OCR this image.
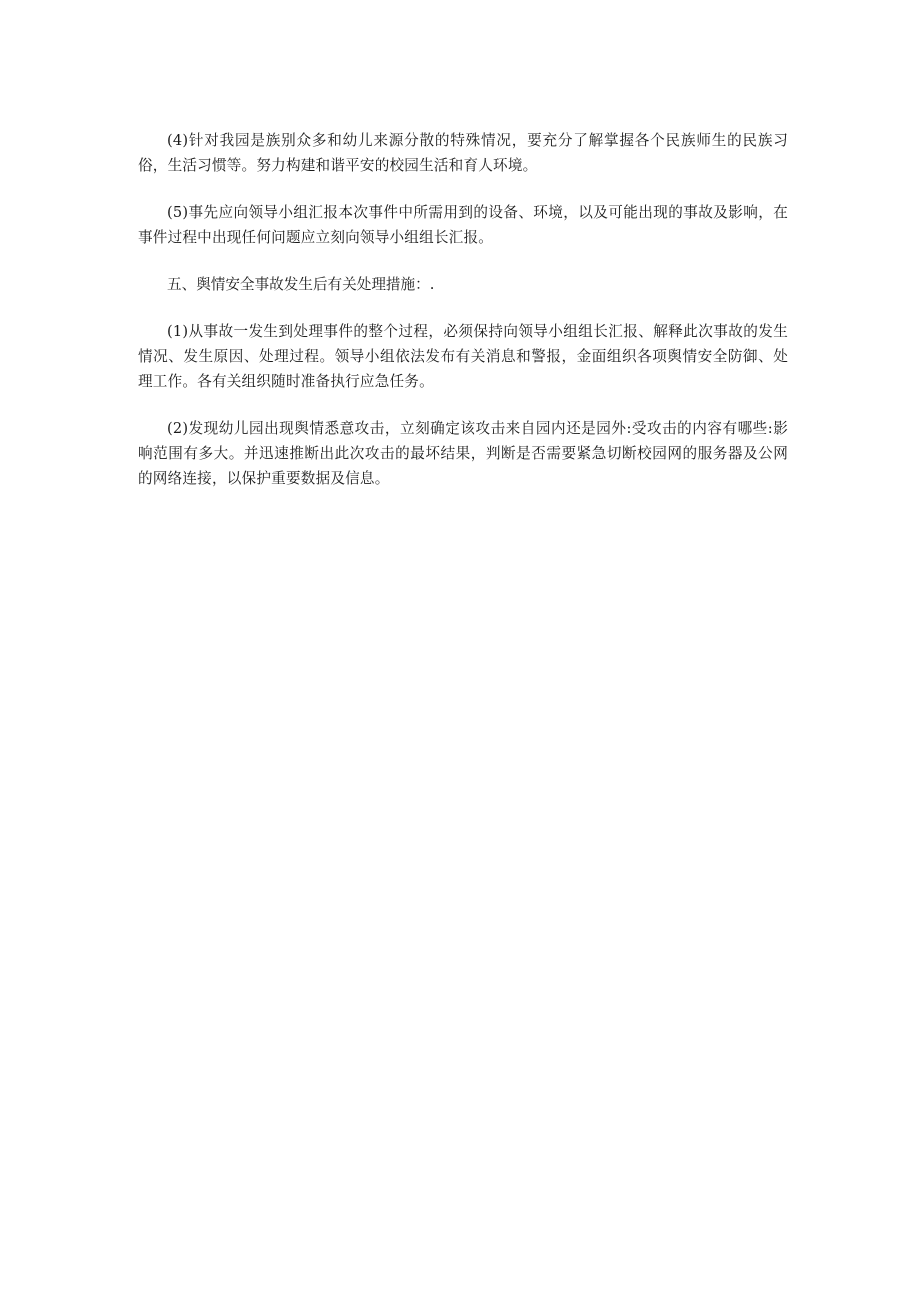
(4)针对我园是族别众多和幼儿来源分散的特殊情况，要充分了解掌握各个民族师生的民族习俗，生活习惯等。努力构建和谐平安的校园生活和育人环境。

(5)事先应向领导小组汇报本次事件中所需用到的设备、环境，以及可能出现的事故及影响，在事件过程中出现任何问题应立刻向领导小组组长汇报。

五、舆情安全事故发生后有关处理措施：.

(1)从事故一发生到处理事件的整个过程，必须保持向领导小组组长汇报、解释此次事故的发生情况、发生原因、处理过程。领导小组依法发布有关消息和警报，金面组织各项舆情安全防御、处理工作。各有关组织随时准备执行应急任务。

(2)发现幼儿园出现舆情悉意攻击，立刻确定该攻击来自园内还是园外:受攻击的内容有哪些:影响范围有多大。并迅速推断出此次攻击的最坏结果，判断是否需要紧急切断校园网的服务器及公网的网络连接，以保护重要数据及信息。
